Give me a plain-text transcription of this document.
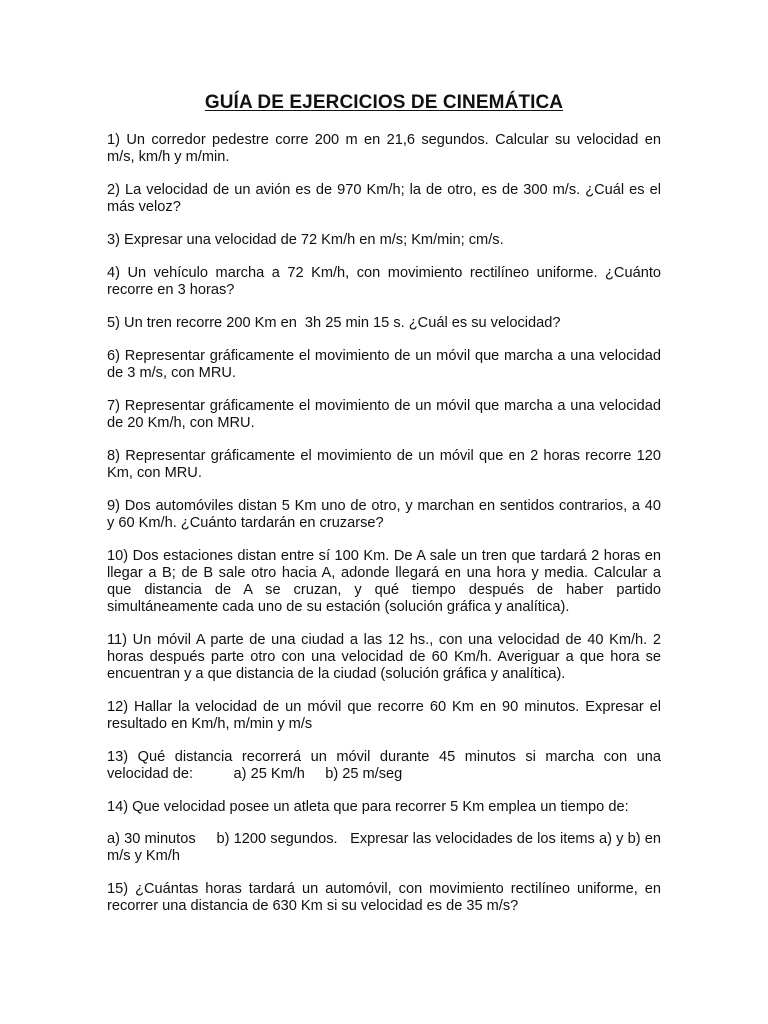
GUÍA DE EJERCICIOS DE CINEMÁTICA
1) Un corredor pedestre corre 200 m en 21,6 segundos. Calcular su velocidad en m/s, km/h y m/min.
2) La velocidad de un avión es de 970 Km/h; la de otro, es de 300 m/s. ¿Cuál es el más veloz?
3) Expresar una velocidad de 72 Km/h en m/s; Km/min; cm/s.
4) Un vehículo marcha a 72 Km/h, con movimiento rectilíneo uniforme. ¿Cuánto recorre en 3 horas?
5) Un tren recorre 200 Km en  3h 25 min 15 s. ¿Cuál es su velocidad?
6) Representar gráficamente el movimiento de un móvil que marcha a una velocidad de 3 m/s, con MRU.
7) Representar gráficamente el movimiento de un móvil que marcha a una velocidad de 20 Km/h, con MRU.
8) Representar gráficamente el movimiento de un móvil que en 2 horas recorre 120 Km, con MRU.
9) Dos automóviles distan 5 Km uno de otro, y marchan en sentidos contrarios, a 40 y 60 Km/h. ¿Cuánto tardarán en cruzarse?
10) Dos estaciones distan entre sí 100 Km. De A sale un tren que tardará 2 horas en llegar a B; de B sale otro hacia A, adonde llegará en una hora y media. Calcular a que distancia de A se cruzan, y qué tiempo después de haber partido simultáneamente cada uno de su estación (solución gráfica y analítica).
11) Un móvil A parte de una ciudad a las 12 hs., con una velocidad de 40 Km/h. 2 horas después parte otro con una velocidad de 60 Km/h. Averiguar a que hora se encuentran y a que distancia de la ciudad (solución gráfica y analítica).
12) Hallar la velocidad de un móvil que recorre 60 Km en 90 minutos. Expresar el resultado en Km/h, m/min y m/s
13) Qué distancia recorrerá un móvil durante 45 minutos si marcha con una velocidad de:          a) 25 Km/h     b) 25 m/seg
14) Que velocidad posee un atleta que para recorrer 5 Km emplea un tiempo de:
a) 30 minutos     b) 1200 segundos.   Expresar las velocidades de los items a) y b) en m/s y Km/h
15) ¿Cuántas horas tardará un automóvil, con movimiento rectilíneo uniforme, en recorrer una distancia de 630 Km si su velocidad es de 35 m/s?
